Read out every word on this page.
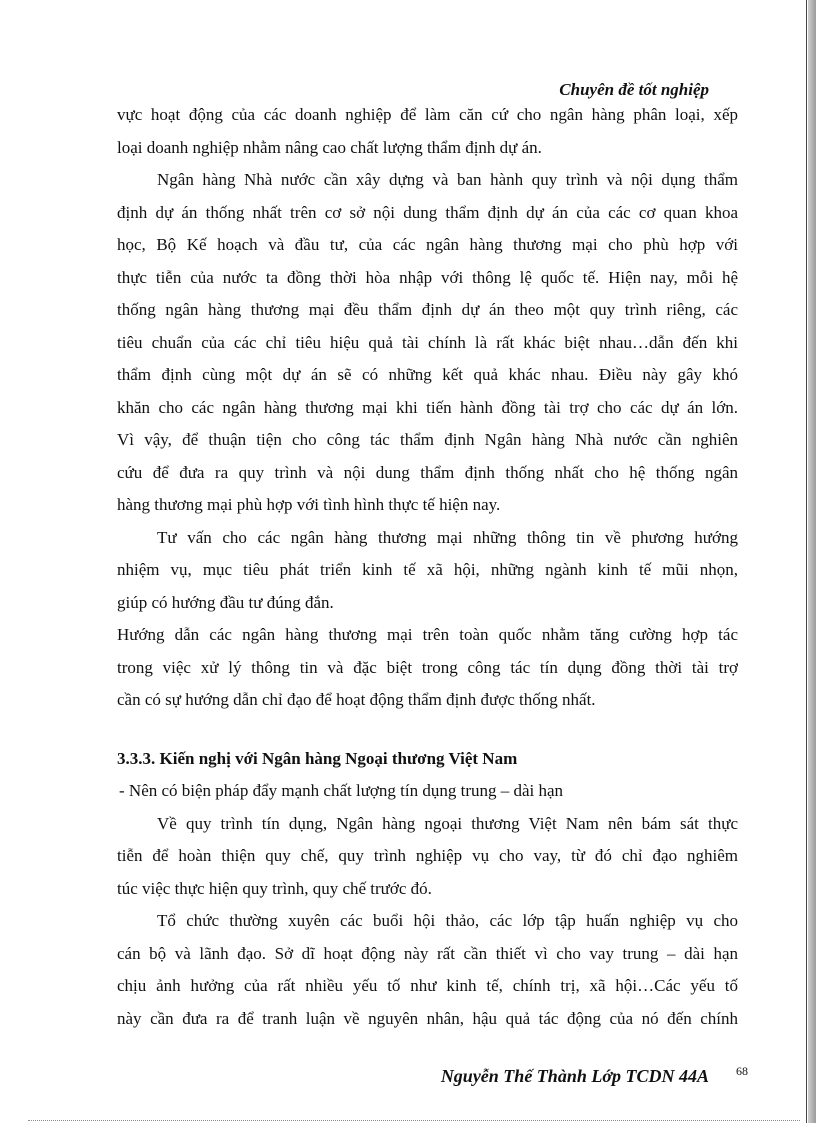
Chuyên đề tốt nghiệp
vực hoạt động của các doanh nghiệp để làm căn cứ cho ngân hàng phân loại, xếp
loại doanh nghiệp nhằm nâng cao chất lượng thẩm định dự án.
Ngân hàng Nhà nước cần xây dựng và ban hành quy trình và nội dụng thẩm
định dự án thống nhất trên cơ sở nội dung thẩm định dự án của các cơ quan khoa
học, Bộ Kế hoạch và đầu tư, của các ngân hàng thương mại cho phù hợp với
thực tiễn của nước ta đồng thời hòa nhập với thông lệ quốc tế. Hiện nay, mỗi hệ
thống ngân hàng thương mại đều thẩm định dự án theo một quy trình riêng, các
tiêu chuẩn của các chỉ tiêu hiệu quả tài chính là rất khác biệt nhau…dẫn đến khi
thẩm định cùng một dự án sẽ có những kết quả khác nhau. Điều này gây khó
khăn cho các ngân hàng thương mại khi tiến hành đồng tài trợ cho các dự án lớn.
Vì vậy, để thuận tiện cho công tác thẩm định Ngân hàng Nhà nước cần nghiên
cứu để đưa ra quy trình và nội dung thẩm định thống nhất cho hệ thống ngân
hàng thương mại phù hợp với tình hình thực tế hiện nay.
Tư vấn cho các ngân hàng thương mại những thông tin về phương hướng
nhiệm vụ, mục tiêu phát triển kinh tế xã hội, những ngành kinh tế mũi nhọn,
giúp có hướng đầu tư đúng đắn.
Hướng dẫn các ngân hàng thương mại trên toàn quốc nhằm tăng cường hợp tác
trong việc xử lý thông tin và đặc biệt trong công tác tín dụng đồng thời tài trợ
cần có sự hướng dẫn chỉ đạo để hoạt động thẩm định được thống nhất.
3.3.3. Kiến nghị với Ngân hàng Ngoại thương Việt Nam
- Nên có biện pháp đẩy mạnh chất lượng tín dụng trung – dài hạn
Về quy trình tín dụng, Ngân hàng ngoại thương Việt Nam nên bám sát thực
tiễn để hoàn thiện quy chế, quy trình nghiệp vụ cho vay, từ đó chỉ đạo nghiêm
túc việc thực hiện quy trình, quy chế trước đó.
Tổ chức thường xuyên các buổi hội thảo, các lớp tập huấn nghiệp vụ cho
cán bộ và lãnh đạo. Sở dĩ hoạt động này rất cần thiết vì cho vay trung – dài hạn
chịu ảnh hưởng của rất nhiều yếu tố như kinh tế, chính trị, xã hội…Các yếu tố
này cần đưa ra để tranh luận về nguyên nhân, hậu quả tác động của nó đến chính
Nguyễn Thế Thành Lớp TCDN 44A 68
